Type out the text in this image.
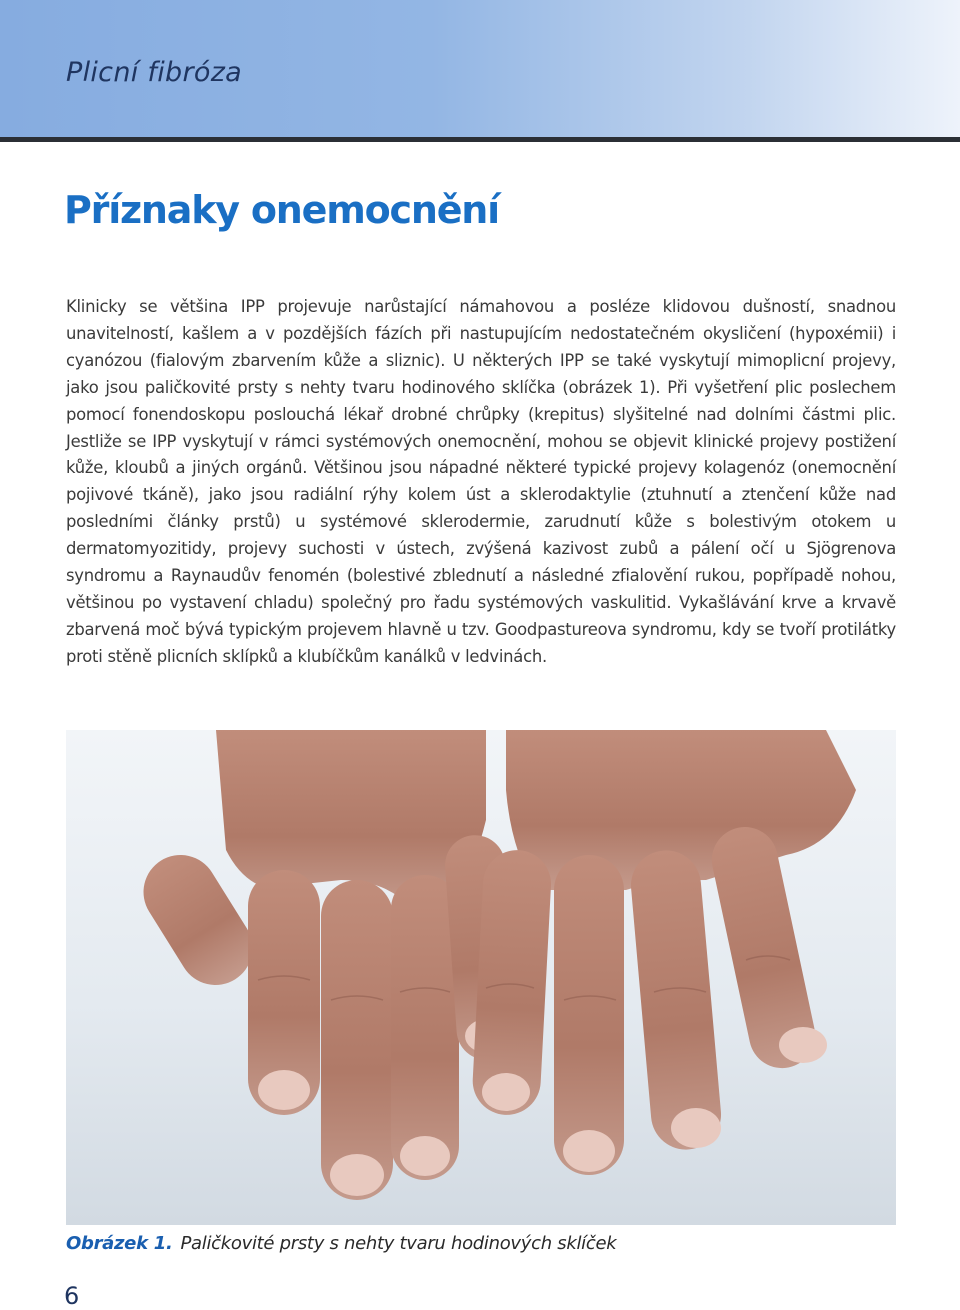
Plicní fibróza
Příznaky onemocnění

Klinicky se většina IPP projevuje narůstající námahovou a posléze klidovou dušností, snadnou unavitelností, kašlem a v pozdějších fázích při nastupujícím nedostatečném okysličení (hypoxémii) i cyanózou (fialovým zbarvením kůže a sliznic). U některých IPP se také vyskytují mimoplicní projevy, jako jsou paličkovité prsty s nehty tvaru hodinového sklíčka (obrázek 1). Při vyšetření plic poslechem pomocí fonendoskopu poslouchá lékař drobné chrůpky (krepitus) slyšitelné nad dolními částmi plic. Jestliže se IPP vyskytují v rámci systémových onemocnění, mohou se objevit klinické projevy postižení kůže, kloubů a jiných orgánů. Většinou jsou nápadné některé typické projevy kolagenóz (onemocnění pojivové tkáně), jako jsou radiální rýhy kolem úst a sklerodaktylie (ztuhnutí a ztenčení kůže nad posledními články prstů) u systémové sklerodermie, zarudnutí kůže s bolestivým otokem u dermatomyozitidy, projevy suchosti v ústech, zvýšená kazivost zubů a pálení očí u Sjögrenova syndromu a Raynaudův fenomén (bolestivé zblednutí a následné zfialovění rukou, popřípadě nohou, většinou po vystavení chladu) společný pro řadu systémových vaskulitid. Vykašlávání krve a krvavě zbarvená moč bývá typickým projevem hlavně u tzv. Goodpastureova syndromu, kdy se tvoří protilátky proti stěně plicních sklípků a klubíčkům kanálků v ledvinách.

Obrázek 1. Paličkovité prsty s nehty tvaru hodinových sklíček

6
